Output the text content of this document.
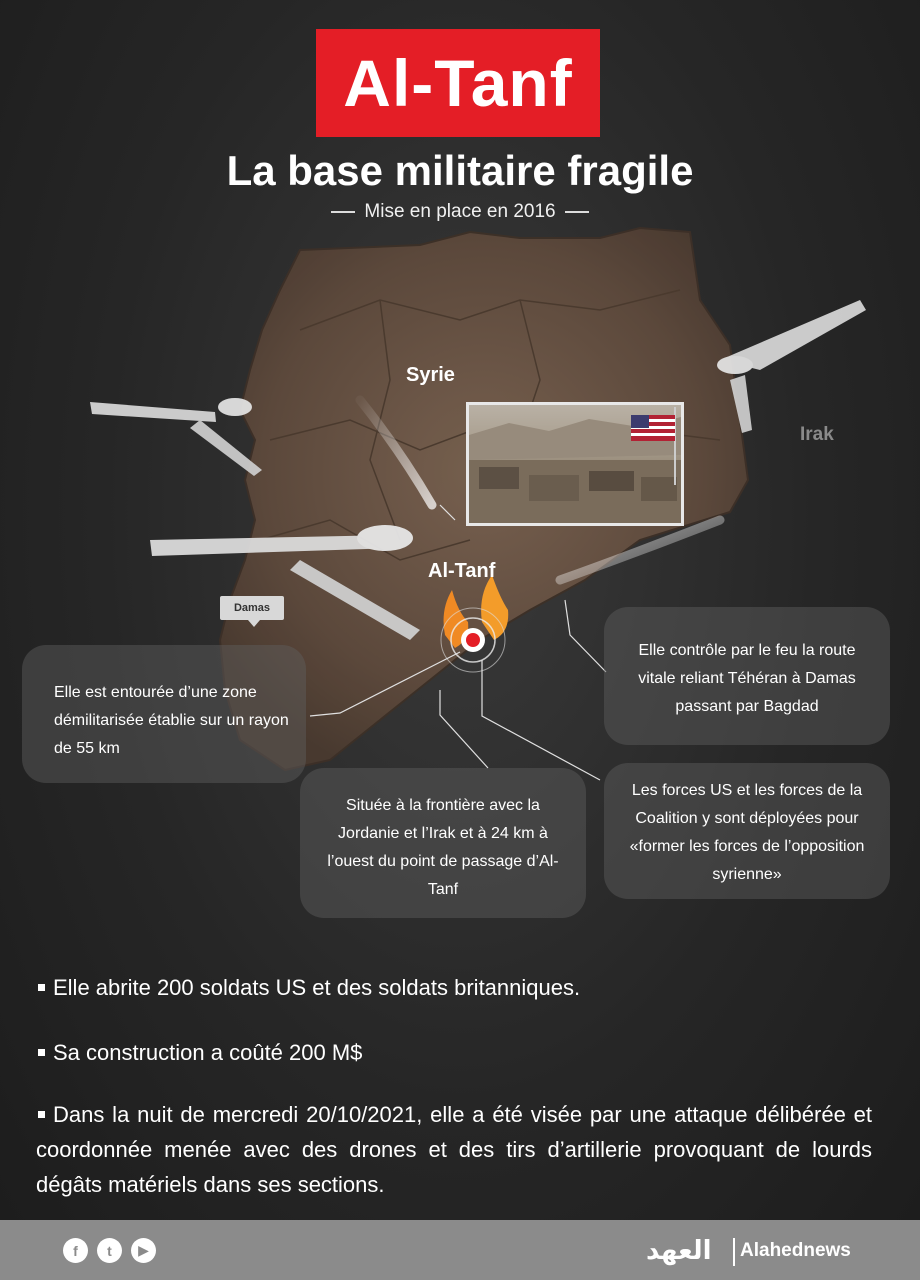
Al-Tanf
La base militaire fragile
Mise en place en 2016
Syrie
Irak
Al-Tanf
Damas
Elle est entourée d’une zone démilitarisée établie sur un rayon de 55 km
Située à la frontière avec la Jordanie et l’Irak et à 24 km à l’ouest du point de passage d’Al-Tanf
Elle contrôle par le feu la route vitale reliant Téhéran à Damas passant par Bagdad
Les forces US et les forces de la Coalition y sont déployées pour «former les forces de l’opposition syrienne»
Elle abrite 200 soldats US et des soldats britanniques.
Sa construction a coûté 200 M$
Dans la nuit de mercredi 20/10/2021, elle a été visée par une attaque délibérée et coordonnée menée avec des drones et des tirs d’artillerie provoquant de lourds dégâts matériels dans ses sections.
f	t	▶	العهد Alahednews
